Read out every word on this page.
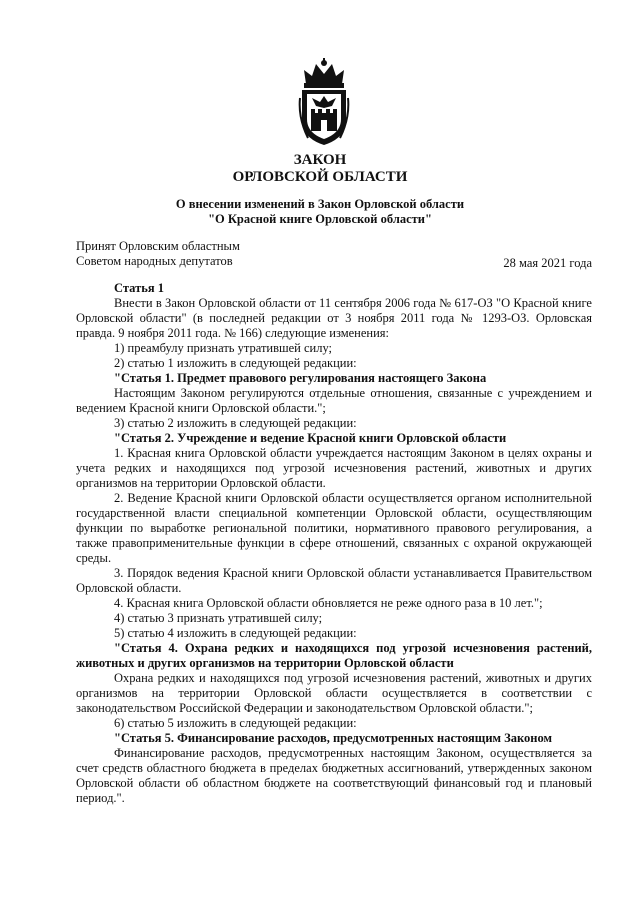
ЗАКОН
ОРЛОВСКОЙ ОБЛАСТИ
О внесении изменений в Закон Орловской области
"О Красной книге Орловской области"
Принят Орловским областным
Советом народных депутатов	28 мая 2021 года

Статья 1

Внести в Закон Орловской области от 11 сентября 2006 года № 617-ОЗ "О Красной книге Орловской области" (в последней редакции от 3 ноября 2011 года № 1293-ОЗ. Орловская правда. 9 ноября 2011 года. № 166) следующие изменения:

1) преамбулу признать утратившей силу;

2) статью 1 изложить в следующей редакции:

"Статья 1. Предмет правового регулирования настоящего Закона

Настоящим Законом регулируются отдельные отношения, связанные с учреждением и ведением Красной книги Орловской области.";

3) статью 2 изложить в следующей редакции:

"Статья 2. Учреждение и ведение Красной книги Орловской области

1. Красная книга Орловской области учреждается настоящим Законом в целях охраны и учета редких и находящихся под угрозой исчезновения растений, животных и других организмов на территории Орловской области.

2. Ведение Красной книги Орловской области осуществляется органом исполнительной государственной власти специальной компетенции Орловской области, осуществляющим функции по выработке региональной политики, нормативного правового регулирования, а также правоприменительные функции в сфере отношений, связанных с охраной окружающей среды.

3. Порядок ведения Красной книги Орловской области устанавливается Правительством Орловской области.

4. Красная книга Орловской области обновляется не реже одного раза в 10 лет.";

4) статью 3 признать утратившей силу;

5) статью 4 изложить в следующей редакции:

"Статья 4. Охрана редких и находящихся под угрозой исчезновения растений, животных и других организмов на территории Орловской области

Охрана редких и находящихся под угрозой исчезновения растений, животных и других организмов на территории Орловской области осуществляется в соответствии с законодательством Российской Федерации и законодательством Орловской области.";

6) статью 5 изложить в следующей редакции:

"Статья 5. Финансирование расходов, предусмотренных настоящим Законом

Финансирование расходов, предусмотренных настоящим Законом, осуществляется за счет средств областного бюджета в пределах бюджетных ассигнований, утвержденных законом Орловской области об областном бюджете на соответствующий финансовый год и плановый период.".
